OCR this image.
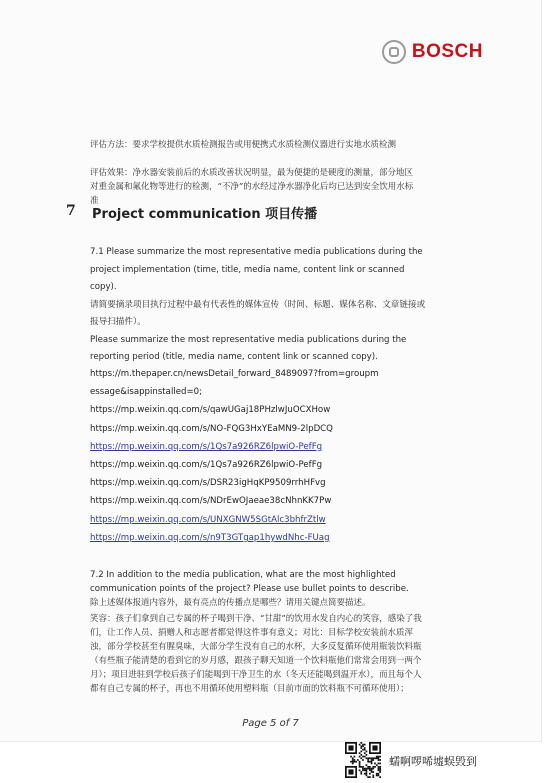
BOSCH

评估方法：要求学校提供水质检测报告或用便携式水质检测仪器进行实地水质检测

评估效果：净水器安装前后的水质改善状况明显，最为便捷的是硬度的测量，部分地区对重金属和氟化物等进行的检测，“不净”的水经过净水器净化后均已达到安全饮用水标准

7 Project communication 项目传播

7.1 Please summarize the most representative media publications during the project implementation (time, title, media name, content link or scanned copy).

请简要摘录项目执行过程中最有代表性的媒体宣传（时间、标题、媒体名称、文章链接或报导扫描件）。

Please summarize the most representative media publications during the reporting period (title, media name, content link or scanned copy).

https://m.thepaper.cn/newsDetail_forward_8489097?from=groupm
essage&isappinstalled=0;
https://mp.weixin.qq.com/s/qawUGaj18PHzlwJuOCXHow
https://mp.weixin.qq.com/s/NO-FQG3HxYEaMN9-2lpDCQ
https://mp.weixin.qq.com/s/1Qs7a926RZ6lpwiO-PefFg
https://mp.weixin.qq.com/s/1Qs7a926RZ6lpwiO-PefFg
https://mp.weixin.qq.com/s/DSR23igHqKP9509rrhHFvg
https://mp.weixin.qq.com/s/NDrEwOJaeae38cNhnKK7Pw
https://mp.weixin.qq.com/s/UNXGNW5SGtAlc3bhfrZtlw
https://mp.weixin.qq.com/s/n9T3GTgap1hywdNhc-FUag

7.2 In addition to the media publication, what are the most highlighted communication points of the project? Please use bullet points to describe.

除上述媒体报道内容外，最有亮点的传播点是哪些？请用关键点简要描述。

笑容：孩子们拿到自己专属的杯子喝到干净、“甘甜”的饮用水发自内心的笑容，感染了我们，让工作人员、捐赠人和志愿者都觉得这件事有意义；对比：目标学校安装前水质浑浊，部分学校甚至有腥臭味，大部分学生没有自己的水杯，大多反复循环使用瓶装饮料瓶（有些瓶子能清楚的看到它的岁月感，跟孩子聊天知道一个饮料瓶他们常常会用到一两个月）；项目进驻到学校后孩子们能喝到干净卫生的水（冬天还能喝到温开水），而且每个人都有自己专属的杯子，再也不用循环使用塑料瓶（目前市面的饮料瓶不可循环使用）；

Page 5 of 7
蠕啊啰唏墟蜈毁到
